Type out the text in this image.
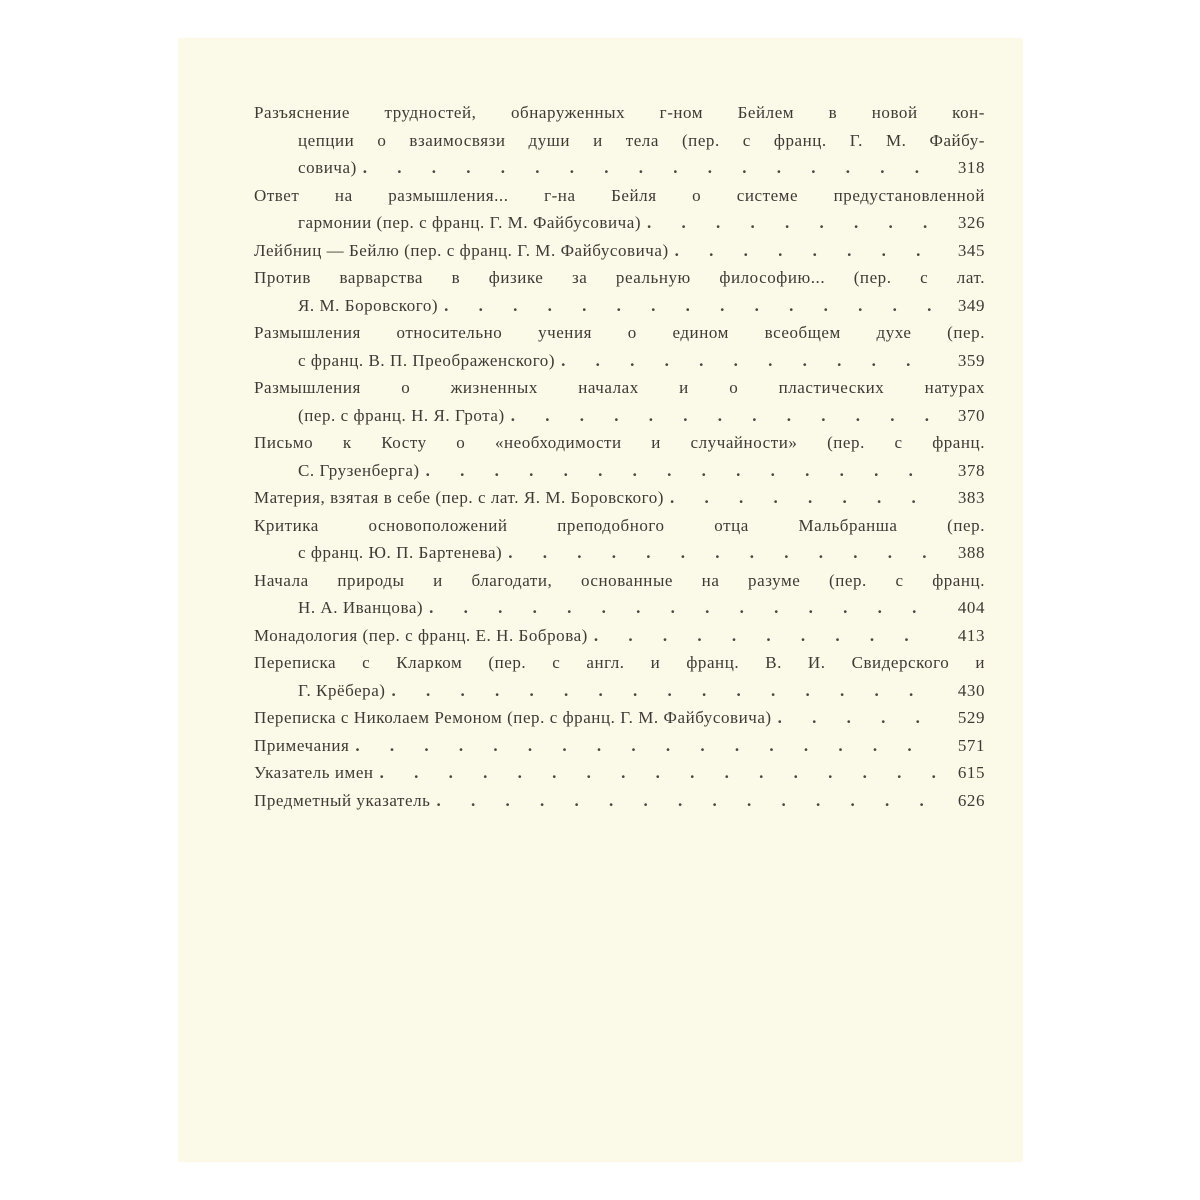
Разъяснение трудностей, обнаруженных г-ном Бейлем в новой кон-
цепции о взаимосвязи души и тела (пер. с франц. Г. М. Файбу-
совича) . . .	318
Ответ на размышления... г-на Бейля о системе предустановленной
гармонии (пер. с франц. Г. М. Файбусовича) . . .	326
Лейбниц — Бейлю (пер. с франц. Г. М. Файбусовича) . . .	345
Против варварства в физике за реальную философию... (пер. с лат.
Я. М. Боровского) . . .	349
Размышления относительно учения о едином всеобщем духе (пер.
с франц. В. П. Преображенского) . . .	359
Размышления о жизненных началах и о пластических натурах
(пер. с франц. Н. Я. Грота) . . .	370
Письмо к Косту о «необходимости и случайности» (пер. с франц.
С. Грузенберга) . . .	378
Материя, взятая в себе (пер. с лат. Я. М. Боровского) . . .	383
Критика основоположений преподобного отца Мальбранша (пер.
с франц. Ю. П. Бартенева) . . .	388
Начала природы и благодати, основанные на разуме (пер. с франц.
Н. А. Иванцова) . . .	404
Монадология (пер. с франц. Е. Н. Боброва) . . .	413
Переписка с Кларком (пер. с англ. и франц. В. И. Свидерского и
Г. Крёбера) . . .	430
Переписка с Николаем Ремоном (пер. с франц. Г. М. Файбусовича) . . .	529
Примечания . . .	571
Указатель имен . . .	615
Предметный указатель . . .	626
